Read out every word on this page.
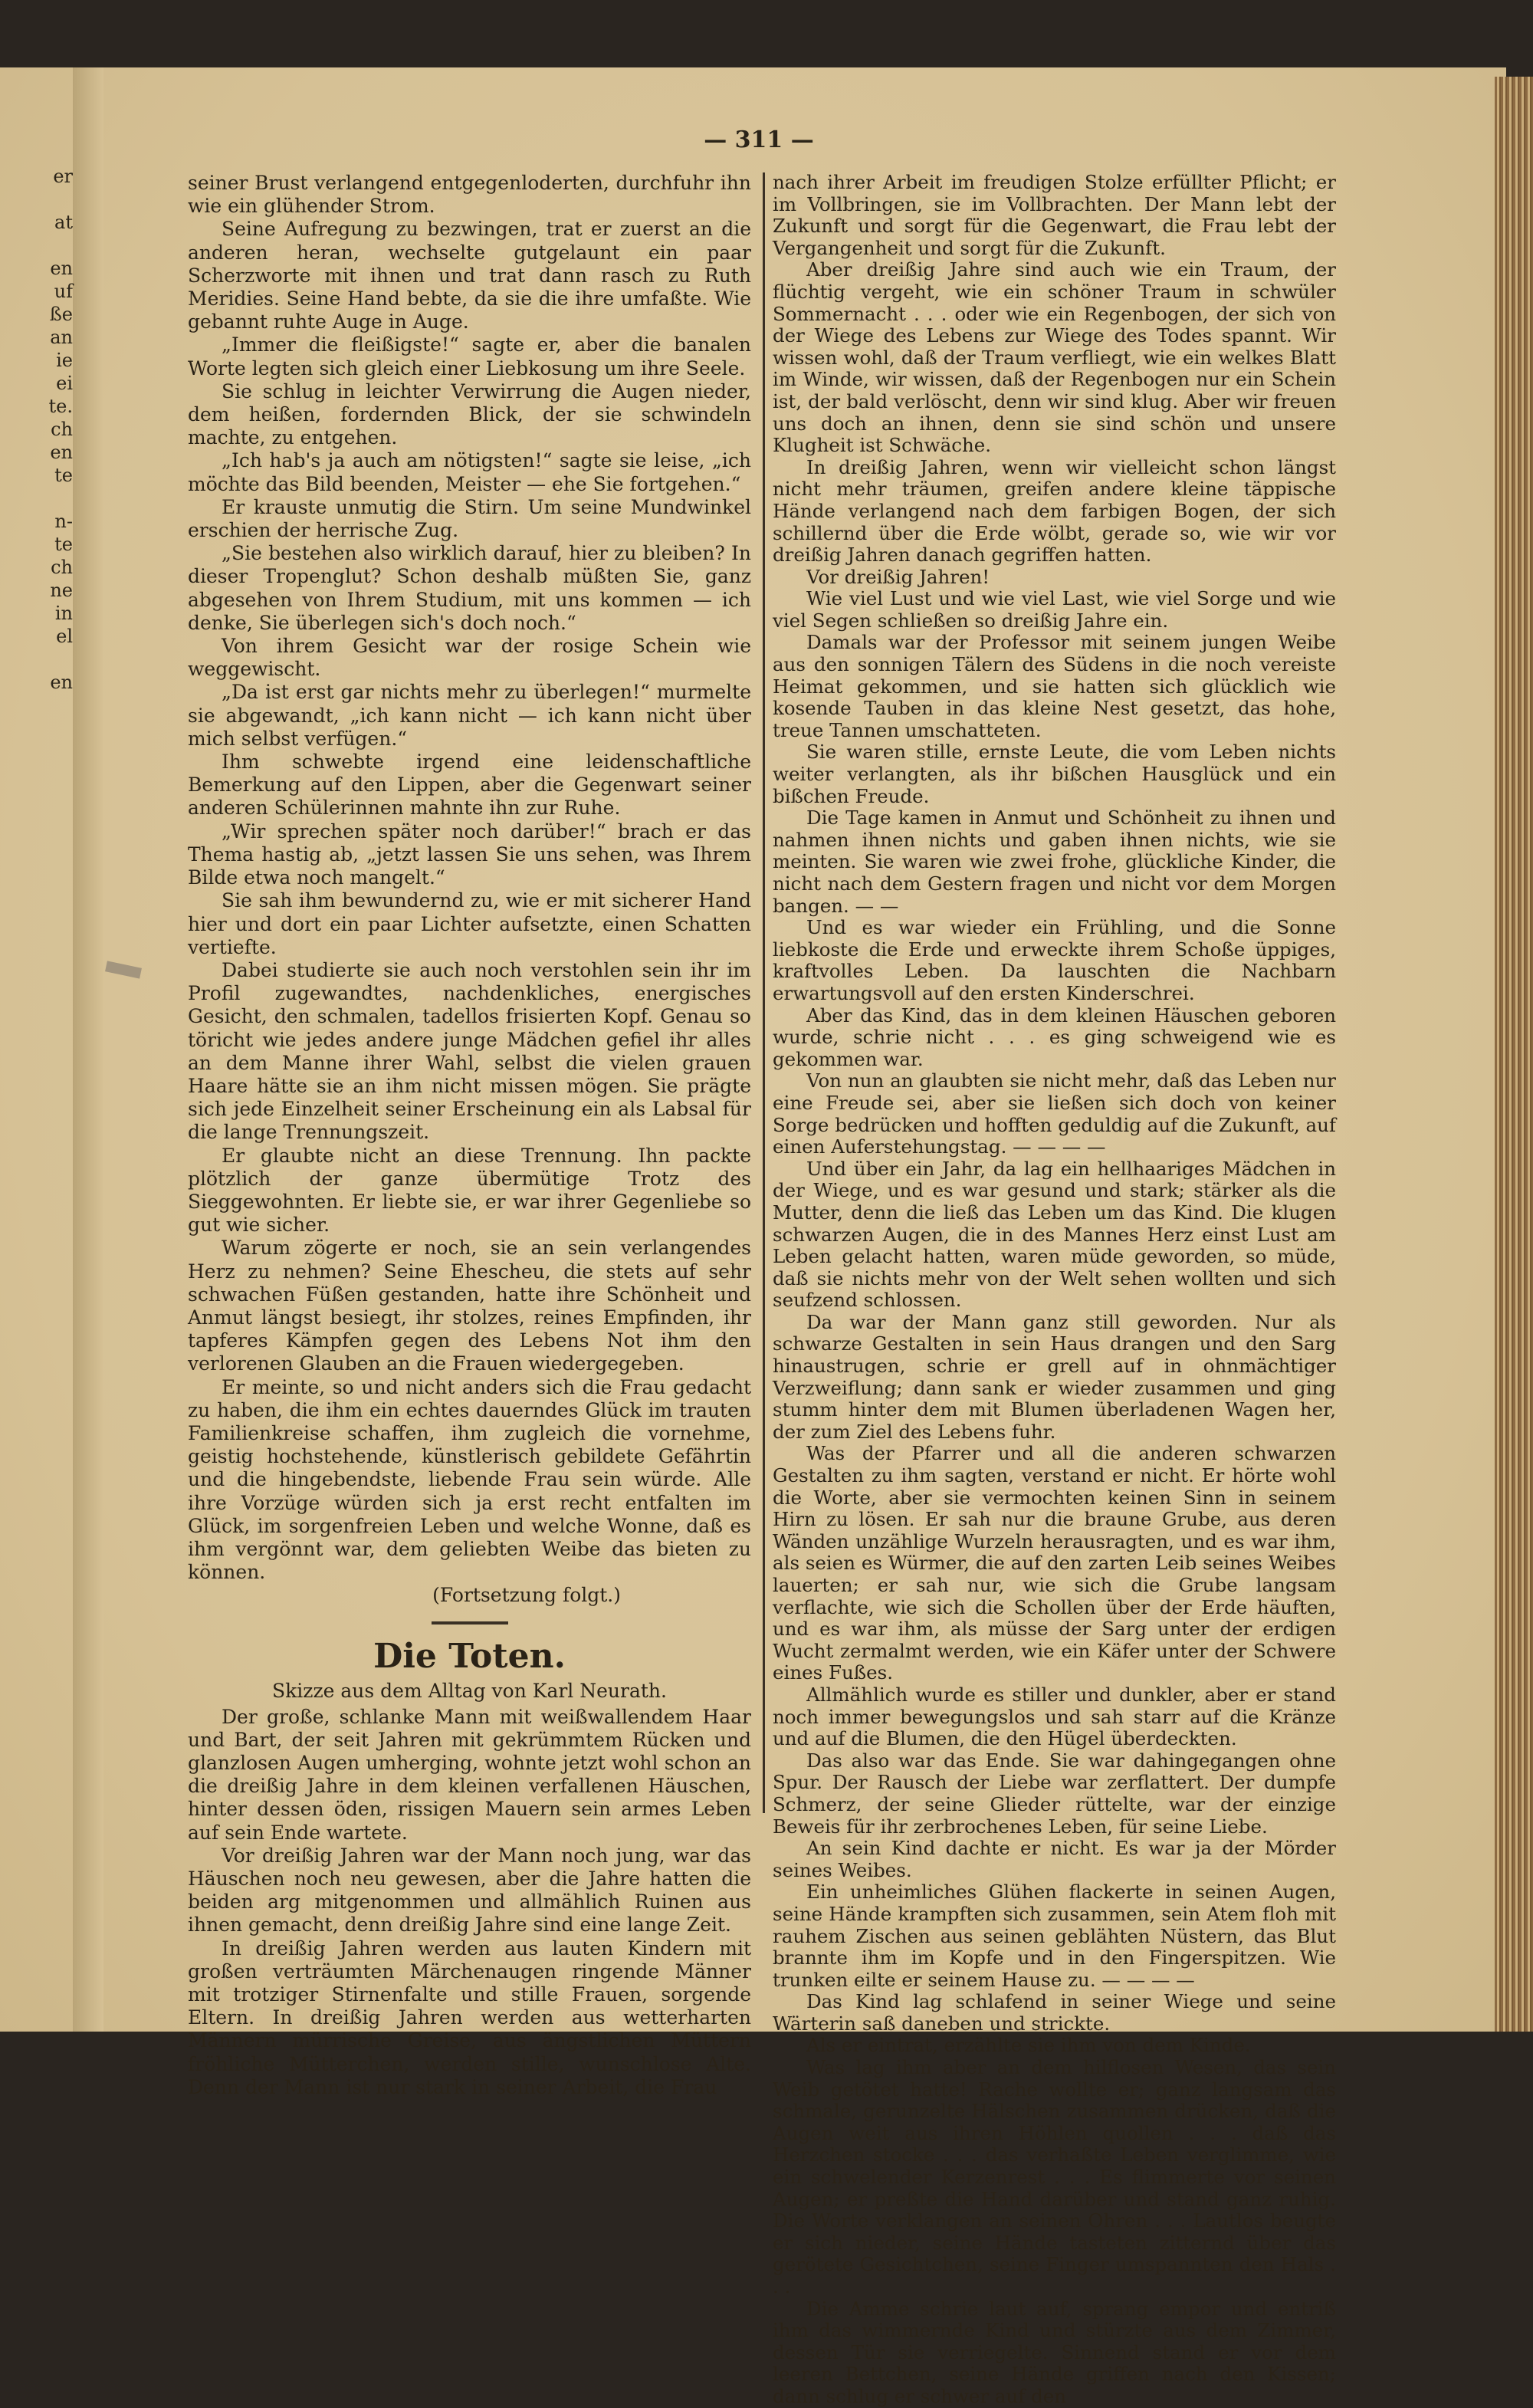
er
at
en
uf
ße
an
ie
ei
te.
ch
en
te
n-
te
ch
ne
in
el
en
— 311 —

seiner Brust verlangend entgegenloderten, durchfuhr ihn wie ein glühender Strom.

Seine Aufregung zu bezwingen, trat er zuerst an die anderen heran, wechselte gutgelaunt ein paar Scherzworte mit ihnen und trat dann rasch zu Ruth Meridies. Seine Hand bebte, da sie die ihre umfaßte. Wie gebannt ruhte Auge in Auge.

„Immer die fleißigste!“ sagte er, aber die banalen Worte legten sich gleich einer Liebkosung um ihre Seele.

Sie schlug in leichter Verwirrung die Augen nieder, dem heißen, fordernden Blick, der sie schwindeln machte, zu entgehen.

„Ich hab's ja auch am nötigsten!“ sagte sie leise, „ich möchte das Bild beenden, Meister — ehe Sie fortgehen.“

Er krauste unmutig die Stirn. Um seine Mundwinkel erschien der herrische Zug.

„Sie bestehen also wirklich darauf, hier zu bleiben? In dieser Tropenglut? Schon deshalb müßten Sie, ganz abgesehen von Ihrem Studium, mit uns kommen — ich denke, Sie überlegen sich's doch noch.“

Von ihrem Gesicht war der rosige Schein wie weggewischt.

„Da ist erst gar nichts mehr zu überlegen!“ murmelte sie abgewandt, „ich kann nicht — ich kann nicht über mich selbst verfügen.“

Ihm schwebte irgend eine leidenschaftliche Bemerkung auf den Lippen, aber die Gegenwart seiner anderen Schülerinnen mahnte ihn zur Ruhe.

„Wir sprechen später noch darüber!“ brach er das Thema hastig ab, „jetzt lassen Sie uns sehen, was Ihrem Bilde etwa noch mangelt.“

Sie sah ihm bewundernd zu, wie er mit sicherer Hand hier und dort ein paar Lichter aufsetzte, einen Schatten vertiefte.

Dabei studierte sie auch noch verstohlen sein ihr im Profil zugewandtes, nachdenkliches, energisches Gesicht, den schmalen, tadellos frisierten Kopf. Genau so töricht wie jedes andere junge Mädchen gefiel ihr alles an dem Manne ihrer Wahl, selbst die vielen grauen Haare hätte sie an ihm nicht missen mögen. Sie prägte sich jede Einzelheit seiner Erscheinung ein als Labsal für die lange Trennungszeit.

Er glaubte nicht an diese Trennung. Ihn packte plötzlich der ganze übermütige Trotz des Sieggewohnten. Er liebte sie, er war ihrer Gegenliebe so gut wie sicher.

Warum zögerte er noch, sie an sein verlangendes Herz zu nehmen? Seine Ehescheu, die stets auf sehr schwachen Füßen gestanden, hatte ihre Schönheit und Anmut längst besiegt, ihr stolzes, reines Empfinden, ihr tapferes Kämpfen gegen des Lebens Not ihm den verlorenen Glauben an die Frauen wiedergegeben.

Er meinte, so und nicht anders sich die Frau gedacht zu haben, die ihm ein echtes dauerndes Glück im trauten Familienkreise schaffen, ihm zugleich die vornehme, geistig hochstehende, künstlerisch gebildete Gefährtin und die hingebendste, liebende Frau sein würde. Alle ihre Vorzüge würden sich ja erst recht entfalten im Glück, im sorgenfreien Leben und welche Wonne, daß es ihm vergönnt war, dem geliebten Weibe das bieten zu können.

(Fortsetzung folgt.)

Die Toten.
Skizze aus dem Alltag von Karl Neurath.

Der große, schlanke Mann mit weißwallendem Haar und Bart, der seit Jahren mit gekrümmtem Rücken und glanzlosen Augen umherging, wohnte jetzt wohl schon an die dreißig Jahre in dem kleinen verfallenen Häuschen, hinter dessen öden, rissigen Mauern sein armes Leben auf sein Ende wartete.

Vor dreißig Jahren war der Mann noch jung, war das Häuschen noch neu gewesen, aber die Jahre hatten die beiden arg mitgenommen und allmählich Ruinen aus ihnen gemacht, denn dreißig Jahre sind eine lange Zeit.

In dreißig Jahren werden aus lauten Kindern mit großen verträumten Märchenaugen ringende Männer mit trotziger Stirnenfalte und stille Frauen, sorgende Eltern. In dreißig Jahren werden aus wetterharten Männern mürrische Greise, aus ängstlichen Müttern fröhliche Mütterchen, werden stille, wunschlose Alte. Denn der Mann ist nur stark in seiner Arbeit, die Frau

nach ihrer Arbeit im freudigen Stolze erfüllter Pflicht; er im Vollbringen, sie im Vollbrachten. Der Mann lebt der Zukunft und sorgt für die Gegenwart, die Frau lebt der Vergangenheit und sorgt für die Zukunft.

Aber dreißig Jahre sind auch wie ein Traum, der flüchtig vergeht, wie ein schöner Traum in schwüler Sommernacht . . . oder wie ein Regenbogen, der sich von der Wiege des Lebens zur Wiege des Todes spannt. Wir wissen wohl, daß der Traum verfliegt, wie ein welkes Blatt im Winde, wir wissen, daß der Regenbogen nur ein Schein ist, der bald verlöscht, denn wir sind klug. Aber wir freuen uns doch an ihnen, denn sie sind schön und unsere Klugheit ist Schwäche.

In dreißig Jahren, wenn wir vielleicht schon längst nicht mehr träumen, greifen andere kleine täppische Hände verlangend nach dem farbigen Bogen, der sich schillernd über die Erde wölbt, gerade so, wie wir vor dreißig Jahren danach gegriffen hatten.

Vor dreißig Jahren!

Wie viel Lust und wie viel Last, wie viel Sorge und wie viel Segen schließen so dreißig Jahre ein.

Damals war der Professor mit seinem jungen Weibe aus den sonnigen Tälern des Südens in die noch vereiste Heimat gekommen, und sie hatten sich glücklich wie kosende Tauben in das kleine Nest gesetzt, das hohe, treue Tannen umschatteten.

Sie waren stille, ernste Leute, die vom Leben nichts weiter verlangten, als ihr bißchen Hausglück und ein bißchen Freude.

Die Tage kamen in Anmut und Schönheit zu ihnen und nahmen ihnen nichts und gaben ihnen nichts, wie sie meinten. Sie waren wie zwei frohe, glückliche Kinder, die nicht nach dem Gestern fragen und nicht vor dem Morgen bangen. — —

Und es war wieder ein Frühling, und die Sonne liebkoste die Erde und erweckte ihrem Schoße üppiges, kraftvolles Leben. Da lauschten die Nachbarn erwartungsvoll auf den ersten Kinderschrei.

Aber das Kind, das in dem kleinen Häuschen geboren wurde, schrie nicht . . . es ging schweigend wie es gekommen war.

Von nun an glaubten sie nicht mehr, daß das Leben nur eine Freude sei, aber sie ließen sich doch von keiner Sorge bedrücken und hofften geduldig auf die Zukunft, auf einen Auferstehungstag. — — — —

Und über ein Jahr, da lag ein hellhaariges Mädchen in der Wiege, und es war gesund und stark; stärker als die Mutter, denn die ließ das Leben um das Kind. Die klugen schwarzen Augen, die in des Mannes Herz einst Lust am Leben gelacht hatten, waren müde geworden, so müde, daß sie nichts mehr von der Welt sehen wollten und sich seufzend schlossen.

Da war der Mann ganz still geworden. Nur als schwarze Gestalten in sein Haus drangen und den Sarg hinaustrugen, schrie er grell auf in ohnmächtiger Verzweiflung; dann sank er wieder zusammen und ging stumm hinter dem mit Blumen überladenen Wagen her, der zum Ziel des Lebens fuhr.

Was der Pfarrer und all die anderen schwarzen Gestalten zu ihm sagten, verstand er nicht. Er hörte wohl die Worte, aber sie vermochten keinen Sinn in seinem Hirn zu lösen. Er sah nur die braune Grube, aus deren Wänden unzählige Wurzeln herausragten, und es war ihm, als seien es Würmer, die auf den zarten Leib seines Weibes lauerten; er sah nur, wie sich die Grube langsam verflachte, wie sich die Schollen über der Erde häuften, und es war ihm, als müsse der Sarg unter der erdigen Wucht zermalmt werden, wie ein Käfer unter der Schwere eines Fußes.

Allmählich wurde es stiller und dunkler, aber er stand noch immer bewegungslos und sah starr auf die Kränze und auf die Blumen, die den Hügel überdeckten.

Das also war das Ende. Sie war dahingegangen ohne Spur. Der Rausch der Liebe war zerflattert. Der dumpfe Schmerz, der seine Glieder rüttelte, war der einzige Beweis für ihr zerbrochenes Leben, für seine Liebe.

An sein Kind dachte er nicht. Es war ja der Mörder seines Weibes.

Ein unheimliches Glühen flackerte in seinen Augen, seine Hände krampften sich zusammen, sein Atem floh mit rauhem Zischen aus seinen geblähten Nüstern, das Blut brannte ihm im Kopfe und in den Fingerspitzen. Wie trunken eilte er seinem Hause zu. — — — —

Das Kind lag schlafend in seiner Wiege und seine Wärterin saß daneben und strickte.

Als er eintrat, erzählte sie ihm von dem Kinde.

Was lag ihm aber an dem hilflosen Wesen, das sein Weib getötet hatte! Rache wollte er; ganz langsam das schmale, gerunzelte Hälschen zusammen drücken, daß die Augen weit aus ihren Höhlen quollen . . . daß das Herzchen stocke . . . das verhaßte Leben verglimme, wie ein schwelender Kerzenrest . . . Es flimmerte vor seinen Augen; er preßte die Hand darüber und stand ganz ruhig. Die Worte verklangen an seinen Ohren . . . Lautlos beugte er sich nieder, seine Hände tasteten zitternd über das gerötete Gesichtchen, seine Finger umspannten den Hals . . .

Die Amme schrie laut auf, sprang empor und entriß ihm das wimmernde Kind und stürzte aus dem Zimmer, dessen Tür sie verriegelte. Sinnend stand er vor dem leeren Bettchen, seine Hände griffen nach den Kissen; dann schlug er schwer auf den
